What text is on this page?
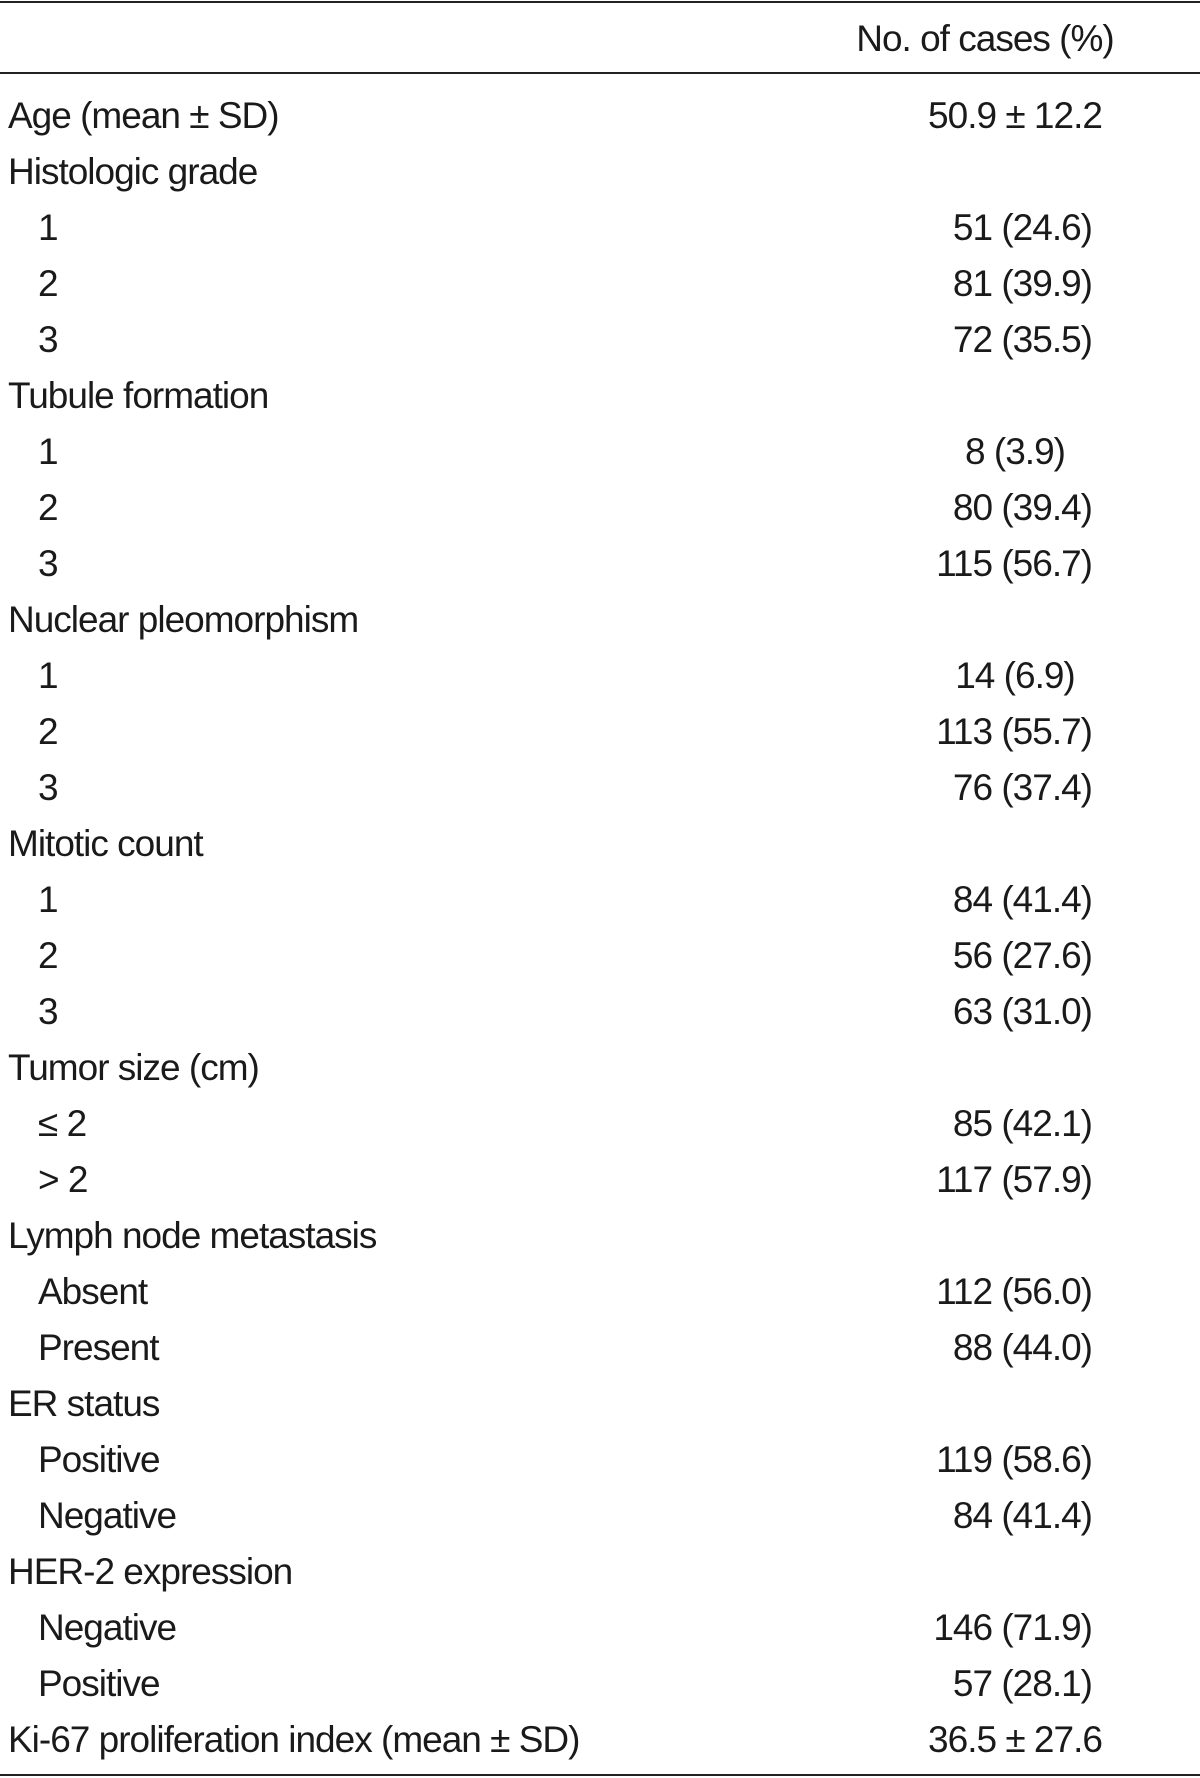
No. of cases (%)
Age (mean ± SD)	50.9 ± 12.2
Histologic grade
1	51 (24.6)
2	81 (39.9)
3	72 (35.5)
Tubule formation
1	8 (3.9)
2	80 (39.4)
3	115 (56.7)
Nuclear pleomorphism
1	14 (6.9)
2	113 (55.7)
3	76 (37.4)
Mitotic count
1	84 (41.4)
2	56 (27.6)
3	63 (31.0)
Tumor size (cm)
≤ 2	85 (42.1)
> 2	117 (57.9)
Lymph node metastasis
Absent	112 (56.0)
Present	88 (44.0)
ER status
Positive	119 (58.6)
Negative	84 (41.4)
HER-2 expression
Negative	146 (71.9)
Positive	57 (28.1)
Ki-67 proliferation index (mean ± SD)	36.5 ± 27.6
